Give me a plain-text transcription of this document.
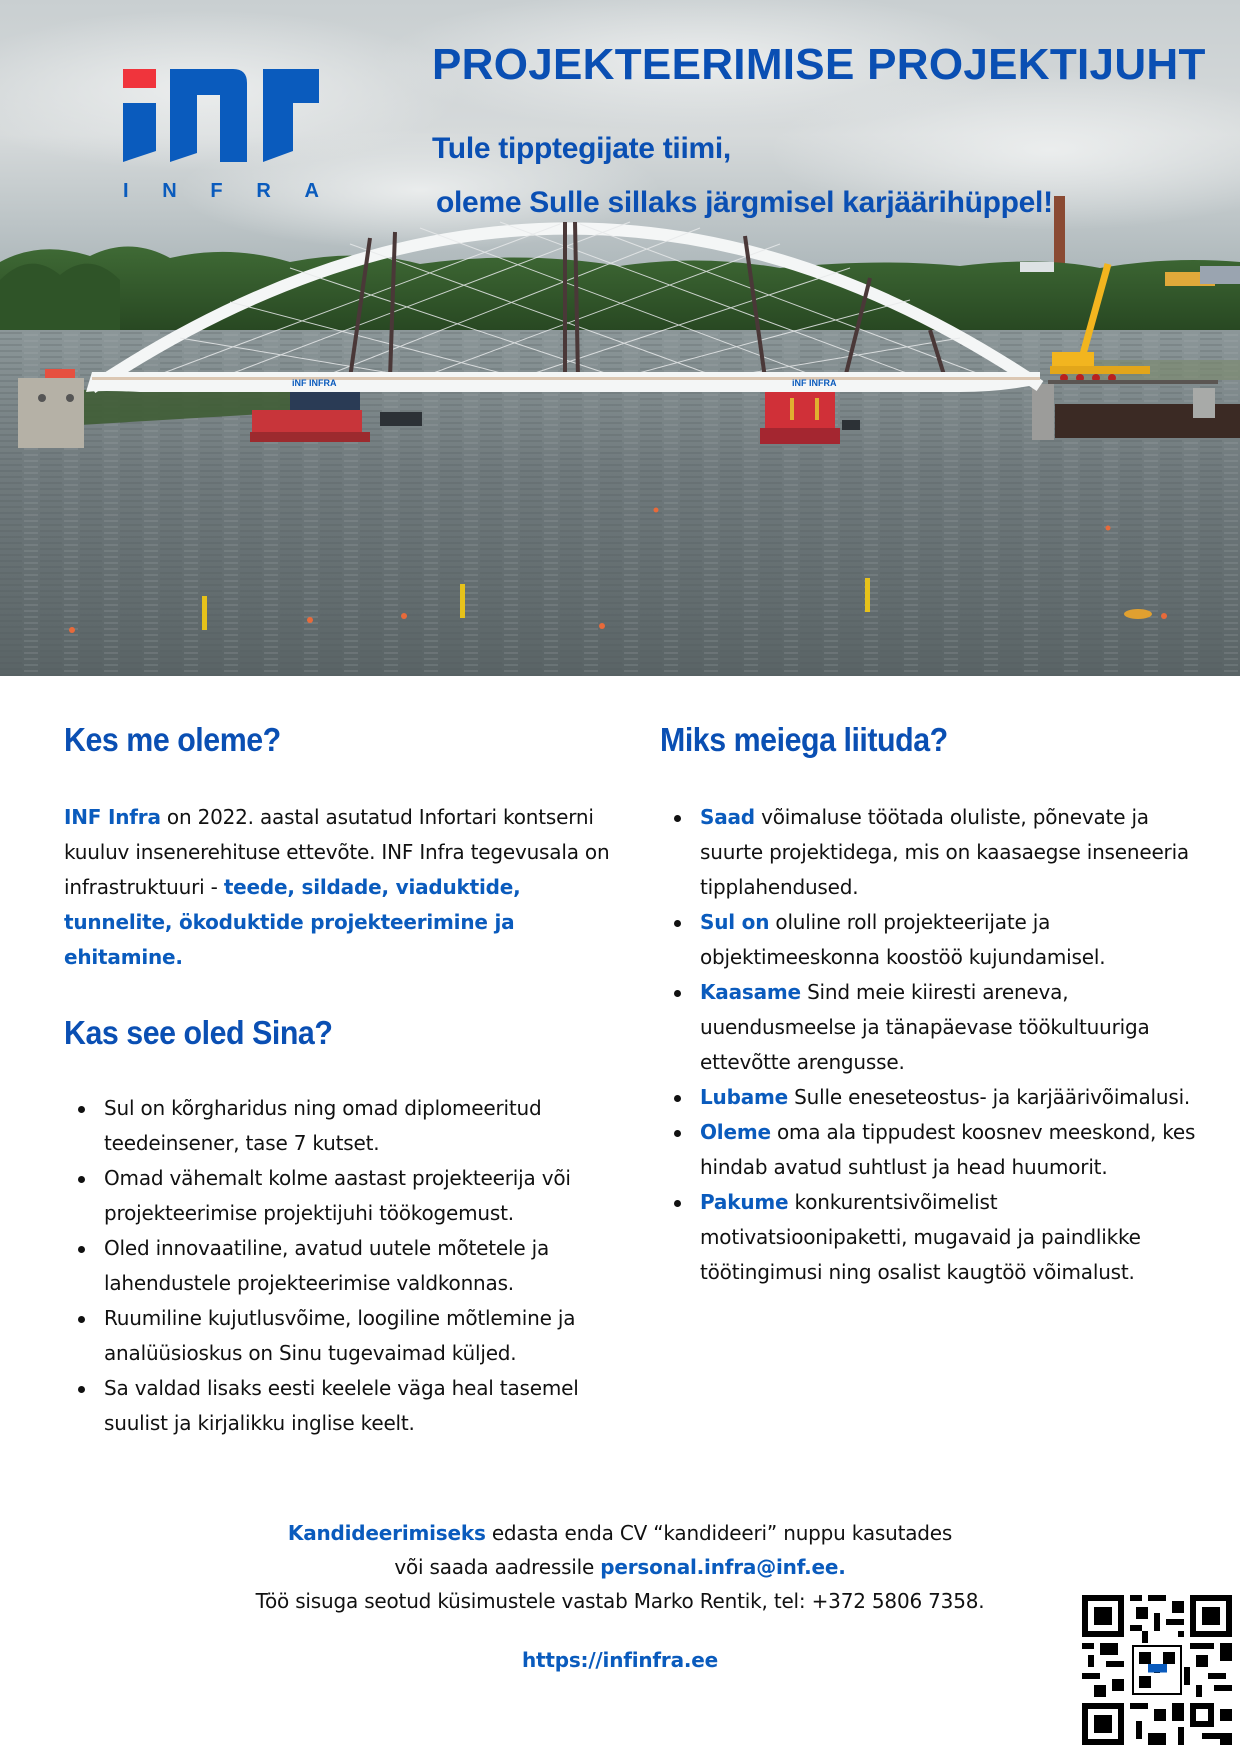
iNF INFRA	iNF INFRA
I N F R A
PROJEKTEERIMISE PROJEKTIJUHT
Tule tipptegijate tiimi,
oleme Sulle sillaks järgmisel karjäärihüppel!
Kes me oleme?

INF Infra on 2022. aastal asutatud Infortari kontserni kuuluv insenerehituse ettevõte. INF Infra tegevusala on infrastruktuuri - teede, sildade, viaduktide, tunnelite, ökoduktide projekteerimine ja ehitamine.

Kas see oled Sina?
Sul on kõrgharidus ning omad diplomeeritud teedeinsener, tase 7 kutset.
Omad vähemalt kolme aastast projekteerija või projekteerimise projektijuhi töökogemust.
Oled innovaatiline, avatud uutele mõtetele ja lahendustele projekteerimise valdkonnas.
Ruumiline kujutlusvõime, loogiline mõtlemine ja analüüsioskus on Sinu tugevaimad küljed.
Sa valdad lisaks eesti keelele väga heal tasemel suulist ja kirjalikku inglise keelt.
Miks meiega liituda?
Saad võimaluse töötada oluliste, põnevate ja suurte projektidega, mis on kaasaegse inseneeria tipplahendused.
Sul on oluline roll projekteerijate ja objektimeeskonna koostöö kujundamisel.
Kaasame Sind meie kiiresti areneva, uuendusmeelse ja tänapäevase töökultuuriga ettevõtte arengusse.
Lubame Sulle eneseteostus- ja karjäärivõimalusi.
Oleme oma ala tippudest koosnev meeskond, kes hindab avatud suhtlust ja head huumorit.
Pakume konkurentsivõimelist motivatsioonipaketti, mugavaid ja paindlikke töötingimusi ning osalist kaugtöö võimalust.
Kandideerimiseks edasta enda CV “kandideeri” nuppu kasutades
või saada aadressile personal.infra@inf.ee.
Töö sisuga seotud küsimustele vastab Marko Rentik, tel: +372 5806 7358.
https://infinfra.ee
